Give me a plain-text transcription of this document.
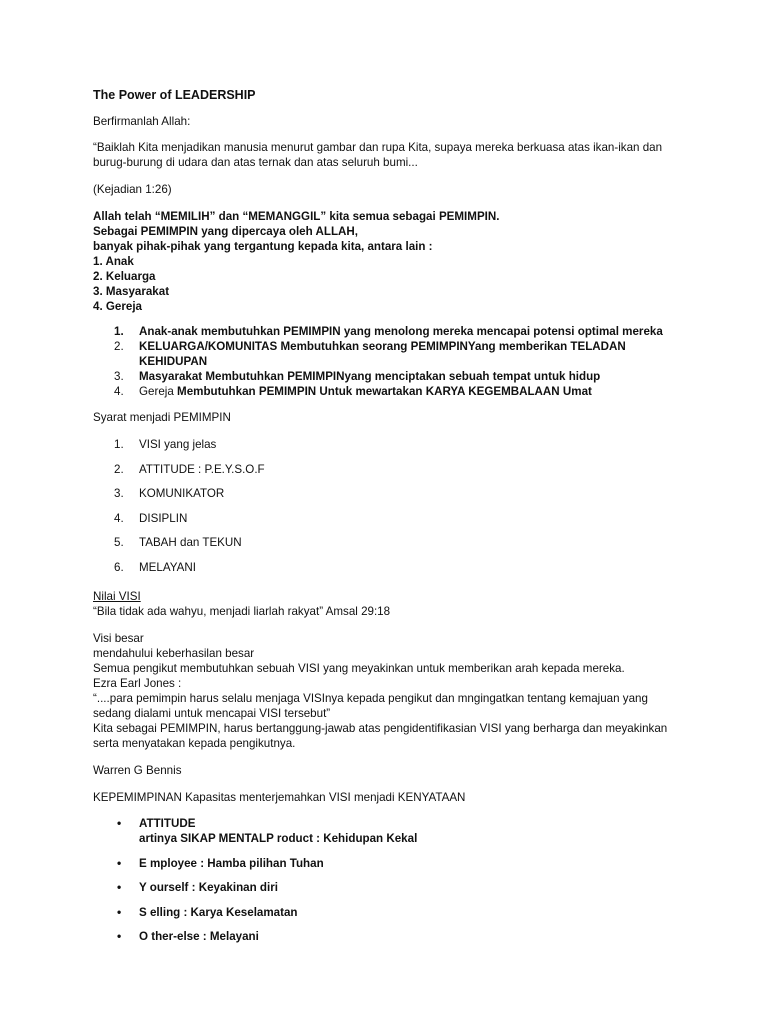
The Power of LEADERSHIP

Berfirmanlah Allah:

“Baiklah Kita menjadikan manusia menurut gambar dan rupa Kita, supaya mereka berkuasa atas ikan-ikan dan

burug-burung di udara dan atas ternak dan atas seluruh bumi...

(Kejadian 1:26)

Allah telah “MEMILIH” dan “MEMANGGIL” kita semua sebagai PEMIMPIN.

Sebagai PEMIMPIN yang dipercaya oleh ALLAH,

banyak pihak-pihak yang tergantung kepada kita, antara lain :

1. Anak

2. Keluarga

3. Masyarakat

4. Gereja

1. Anak-anak membutuhkan PEMIMPIN yang menolong mereka mencapai potensi optimal mereka
2. KELUARGA/KOMUNITAS Membutuhkan seorang PEMIMPINYang memberikan TELADAN
KEHIDUPAN
3. Masyarakat Membutuhkan PEMIMPINyang menciptakan sebuah tempat untuk hidup
4. Gereja Membutuhkan PEMIMPIN Untuk mewartakan KARYA KEGEMBALAAN Umat

Syarat menjadi PEMIMPIN

1. VISI yang jelas
2. ATTITUDE : P.E.Y.S.O.F
3. KOMUNIKATOR
4. DISIPLIN
5. TABAH dan TEKUN
6. MELAYANI

Nilai VISI

“Bila tidak ada wahyu, menjadi liarlah rakyat” Amsal 29:18

Visi besar

mendahului keberhasilan besar

Semua pengikut membutuhkan sebuah VISI yang meyakinkan untuk memberikan arah kepada mereka.

Ezra Earl Jones :

“....para pemimpin harus selalu menjaga VISInya kepada pengikut dan mngingatkan tentang kemajuan yang

sedang dialami untuk mencapai VISI tersebut”

Kita sebagai PEMIMPIN, harus bertanggung-jawab atas pengidentifikasian VISI yang berharga dan meyakinkan

serta menyatakan kepada pengikutnya.

Warren G Bennis

KEPEMIMPINAN Kapasitas menterjemahkan VISI menjadi KENYATAAN

• ATTITUDE
artinya SIKAP MENTALP roduct : Kehidupan Kekal
• E mployee : Hamba pilihan Tuhan
• Y ourself : Keyakinan diri
• S elling : Karya Keselamatan
• O ther-else : Melayani
